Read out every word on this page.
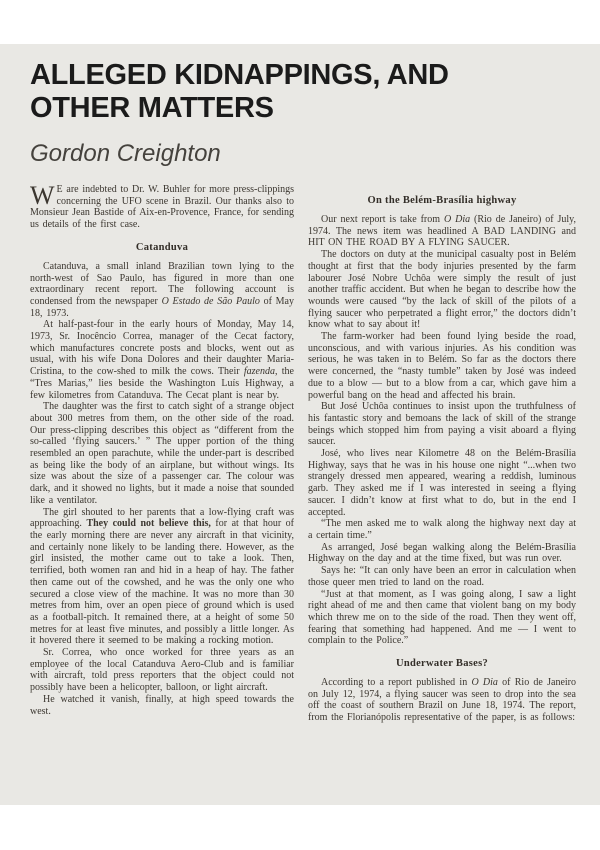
ALLEGED KIDNAPPINGS, AND
OTHER MATTERS
Gordon Creighton

W E are indebted to Dr. W. Buhler for more press-clippings concerning the UFO scene in Brazil. Our thanks also to Monsieur Jean Bastide of Aix-en-Provence, France, for sending us details of the first case.

Catanduva

Catanduva, a small inland Brazilian town lying to the north-west of Sao Paulo, has figured in more than one extraordinary recent report. The following account is condensed from the newspaper O Estado de São Paulo of May 18, 1973.

At half-past-four in the early hours of Monday, May 14, 1973, Sr. Inocêncio Correa, manager of the Cecat factory, which manufactures concrete posts and blocks, went out as usual, with his wife Dona Dolores and their daughter Maria-Cristina, to the cow-shed to milk the cows. Their fazenda, the “Tres Marias,” lies beside the Washington Luís Highway, a few kilometres from Catanduva. The Cecat plant is near by.

The daughter was the first to catch sight of a strange object about 300 metres from them, on the other side of the road. Our press-clipping describes this object as “different from the so-called ‘flying saucers.’ ” The upper portion of the thing resembled an open parachute, while the under-part is described as being like the body of an airplane, but without wings. Its size was about the size of a passenger car. The colour was dark, and it showed no lights, but it made a noise that sounded like a ventilator.

The girl shouted to her parents that a low-flying craft was approaching. They could not believe this, for at that hour of the early morning there are never any aircraft in that vicinity, and certainly none likely to be landing there. However, as the girl insisted, the mother came out to take a look. Then, terrified, both women ran and hid in a heap of hay. The father then came out of the cowshed, and he was the only one who secured a close view of the machine. It was no more than 30 metres from him, over an open piece of ground which is used as a football-pitch. It remained there, at a height of some 50 metres for at least five minutes, and possibly a little longer. As it hovered there it seemed to be making a rocking motion.

Sr. Correa, who once worked for three years as an employee of the local Catanduva Aero-Club and is familiar with aircraft, told press reporters that the object could not possibly have been a helicopter, balloon, or light aircraft.

He watched it vanish, finally, at high speed towards the west.

On the Belém-Brasília highway

Our next report is take from O Dia (Rio de Janeiro) of July, 1974. The news item was headlined A BAD LANDING and HIT ON THE ROAD BY A FLYING SAUCER.

The doctors on duty at the municipal casualty post in Belém thought at first that the body injuries presented by the farm labourer José Nobre Uchôa were simply the result of just another traffic accident. But when he began to describe how the wounds were caused “by the lack of skill of the pilots of a flying saucer who perpetrated a flight error,” the doctors didn’t know what to say about it!

The farm-worker had been found lying beside the road, unconscious, and with various injuries. As his condition was serious, he was taken in to Belém. So far as the doctors there were concerned, the “nasty tumble” taken by José was indeed due to a blow — but to a blow from a car, which gave him a powerful bang on the head and affected his brain.

But José Uchôa continues to insist upon the truthfulness of his fantastic story and bemoans the lack of skill of the strange beings which stopped him from paying a visit aboard a flying saucer.

José, who lives near Kilometre 48 on the Belém-Brasília Highway, says that he was in his house one night “...when two strangely dressed men appeared, wearing a reddish, luminous garb. They asked me if I was interested in seeing a flying saucer. I didn’t know at first what to do, but in the end I accepted.

“The men asked me to walk along the highway next day at a certain time.”

As arranged, José began walking along the Belém-Brasília Highway on the day and at the time fixed, but was run over.

Says he: “It can only have been an error in calculation when those queer men tried to land on the road.

“Just at that moment, as I was going along, I saw a light right ahead of me and then came that violent bang on my body which threw me on to the side of the road. Then they went off, fearing that something had happened. And me — I went to complain to the Police.”

Underwater Bases?

According to a report published in O Dia of Rio de Janeiro on July 12, 1974, a flying saucer was seen to drop into the sea off the coast of southern Brazil on June 18, 1974. The report, from the Florianópolis representative of the paper, is as follows:
